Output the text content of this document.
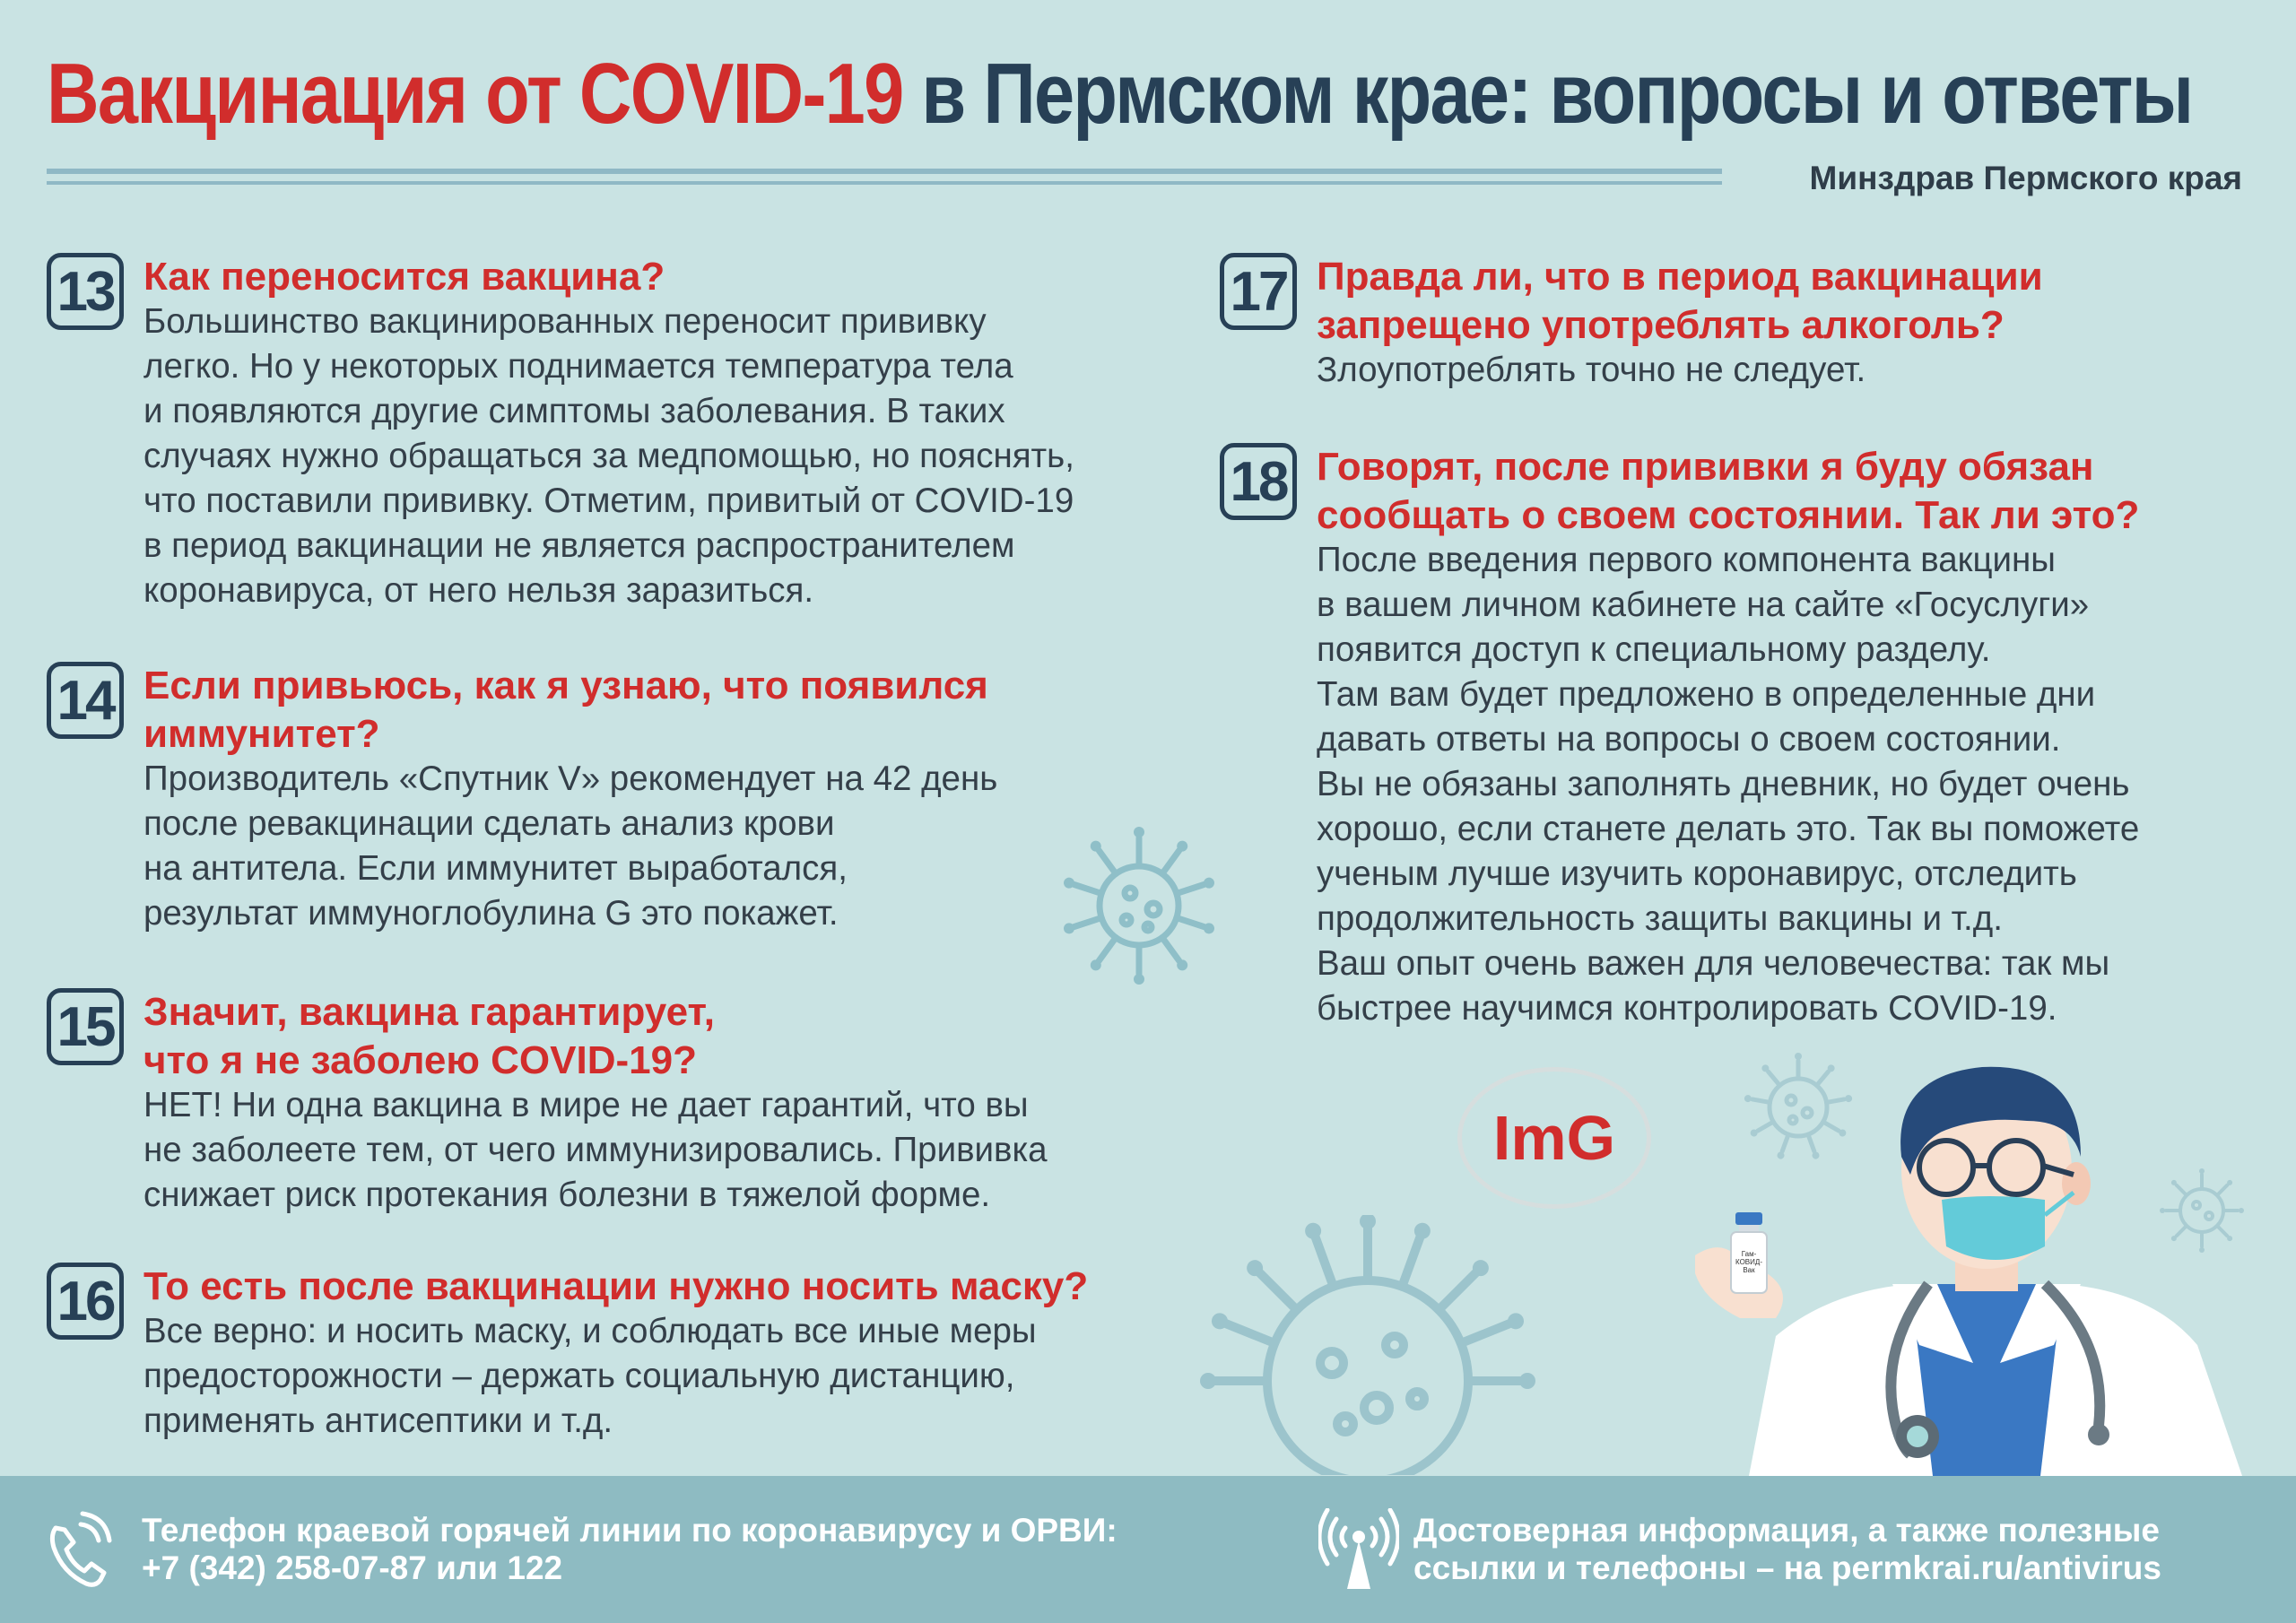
Вакцинация от COVID-19 в Пермском крае: вопросы и ответы
Минздрав Пермского края
ImG
Гам-
КОВИД-
Вак
13 Как переносится вакцина?
Большинство вакцинированных переносит прививку
легко. Но у некоторых поднимается температура тела
и появляются другие симптомы заболевания. В таких
случаях нужно обращаться за медпомощью, но пояснять,
что поставили прививку. Отметим, привитый от COVID-19
в период вакцинации не является распространителем
коронавируса, от него нельзя заразиться.
14 Если привьюсь, как я узнаю, что появился
иммунитет?
Производитель «Спутник V» рекомендует на 42 день
после ревакцинации сделать анализ крови
на антитела. Если иммунитет выработался,
результат иммуноглобулина G это покажет.
15 Значит, вакцина гарантирует,
что я не заболею COVID-19?
НЕТ! Ни одна вакцина в мире не дает гарантий, что вы
не заболеете тем, от чего иммунизировались. Прививка
снижает риск протекания болезни в тяжелой форме.
16 То есть после вакцинации нужно носить маску?
Все верно: и носить маску, и соблюдать все иные меры
предосторожности – держать социальную дистанцию,
применять антисептики и т.д.
17 Правда ли, что в период вакцинации
запрещено употреблять алкоголь?
Злоупотреблять точно не следует.
18 Говорят, после прививки я буду обязан
сообщать о своем состоянии. Так ли это?
После введения первого компонента вакцины
в вашем личном кабинете на сайте «Госуслуги»
появится доступ к специальному разделу.
Там вам будет предложено в определенные дни
давать ответы на вопросы о своем состоянии.
Вы не обязаны заполнять дневник, но будет очень
хорошо, если станете делать это. Так вы поможете
ученым лучше изучить коронавирус, отследить
продолжительность защиты вакцины и т.д.
Ваш опыт очень важен для человечества: так мы
быстрее научимся контролировать COVID-19.
Телефон краевой горячей линии по коронавирусу и ОРВИ:
+7 (342) 258-07-87 или 122
Достоверная информация, а также полезные
ссылки и телефоны – на permkrai.ru/antivirus
